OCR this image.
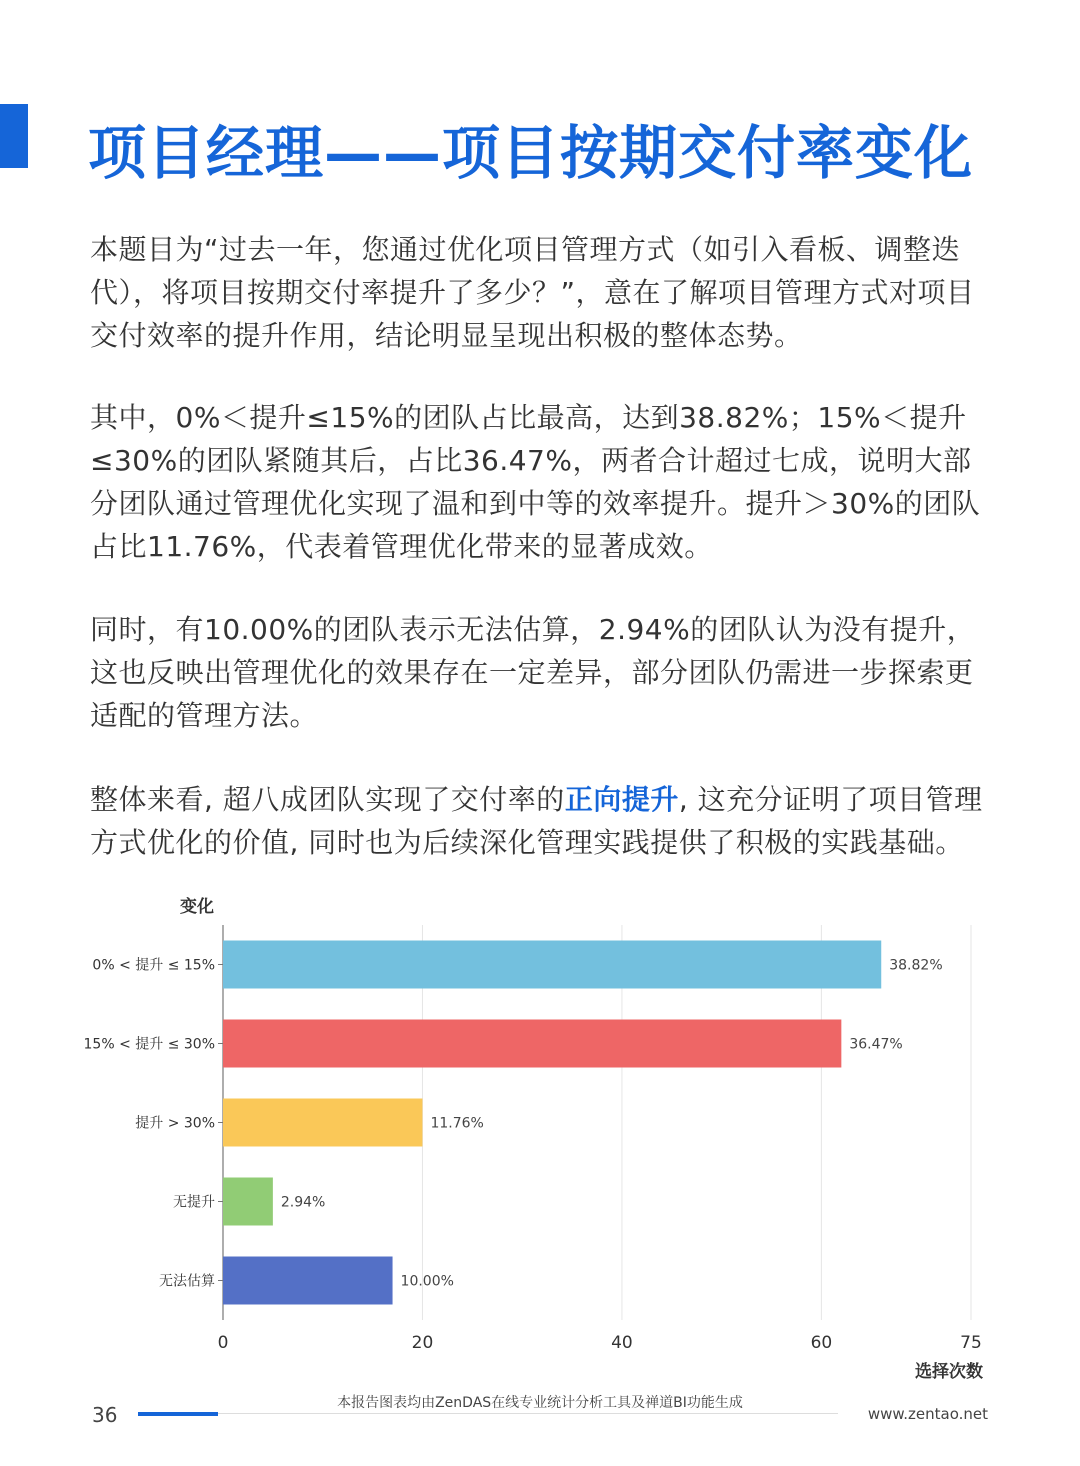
项目经理——项目按期交付率变化

本题目为“过去一年，您通过优化项目管理方式（如引入看板、调整迭代），将项目按期交付率提升了多少？”，意在了解项目管理方式对项目交付效率的提升作用，结论明显呈现出积极的整体态势。

其中，0%＜提升≤15%的团队占比最高，达到38.82%；15%＜提升≤30%的团队紧随其后，占比36.47%，两者合计超过七成，说明大部分团队通过管理优化实现了温和到中等的效率提升。提升＞30%的团队占比11.76%，代表着管理优化带来的显著成效。

同时，有10.00%的团队表示无法估算，2.94%的团队认为没有提升，这也反映出管理优化的效果存在一定差异，部分团队仍需进一步探索更适配的管理方法。

整体来看, 超八成团队实现了交付率的正向提升, 这充分证明了项目管理方式优化的价值, 同时也为后续深化管理实践提供了积极的实践基础。

变化
0% < 提升 ≤ 15%	38.82%
15% < 提升 ≤ 30%	36.47%
提升 > 30%	11.76%
无提升	2.94%
无法估算	10.00%
0	20	40	60	75
选择次数
本报告图表均由ZenDAS在线专业统计分析工具及禅道BI功能生成
36	www.zentao.net
